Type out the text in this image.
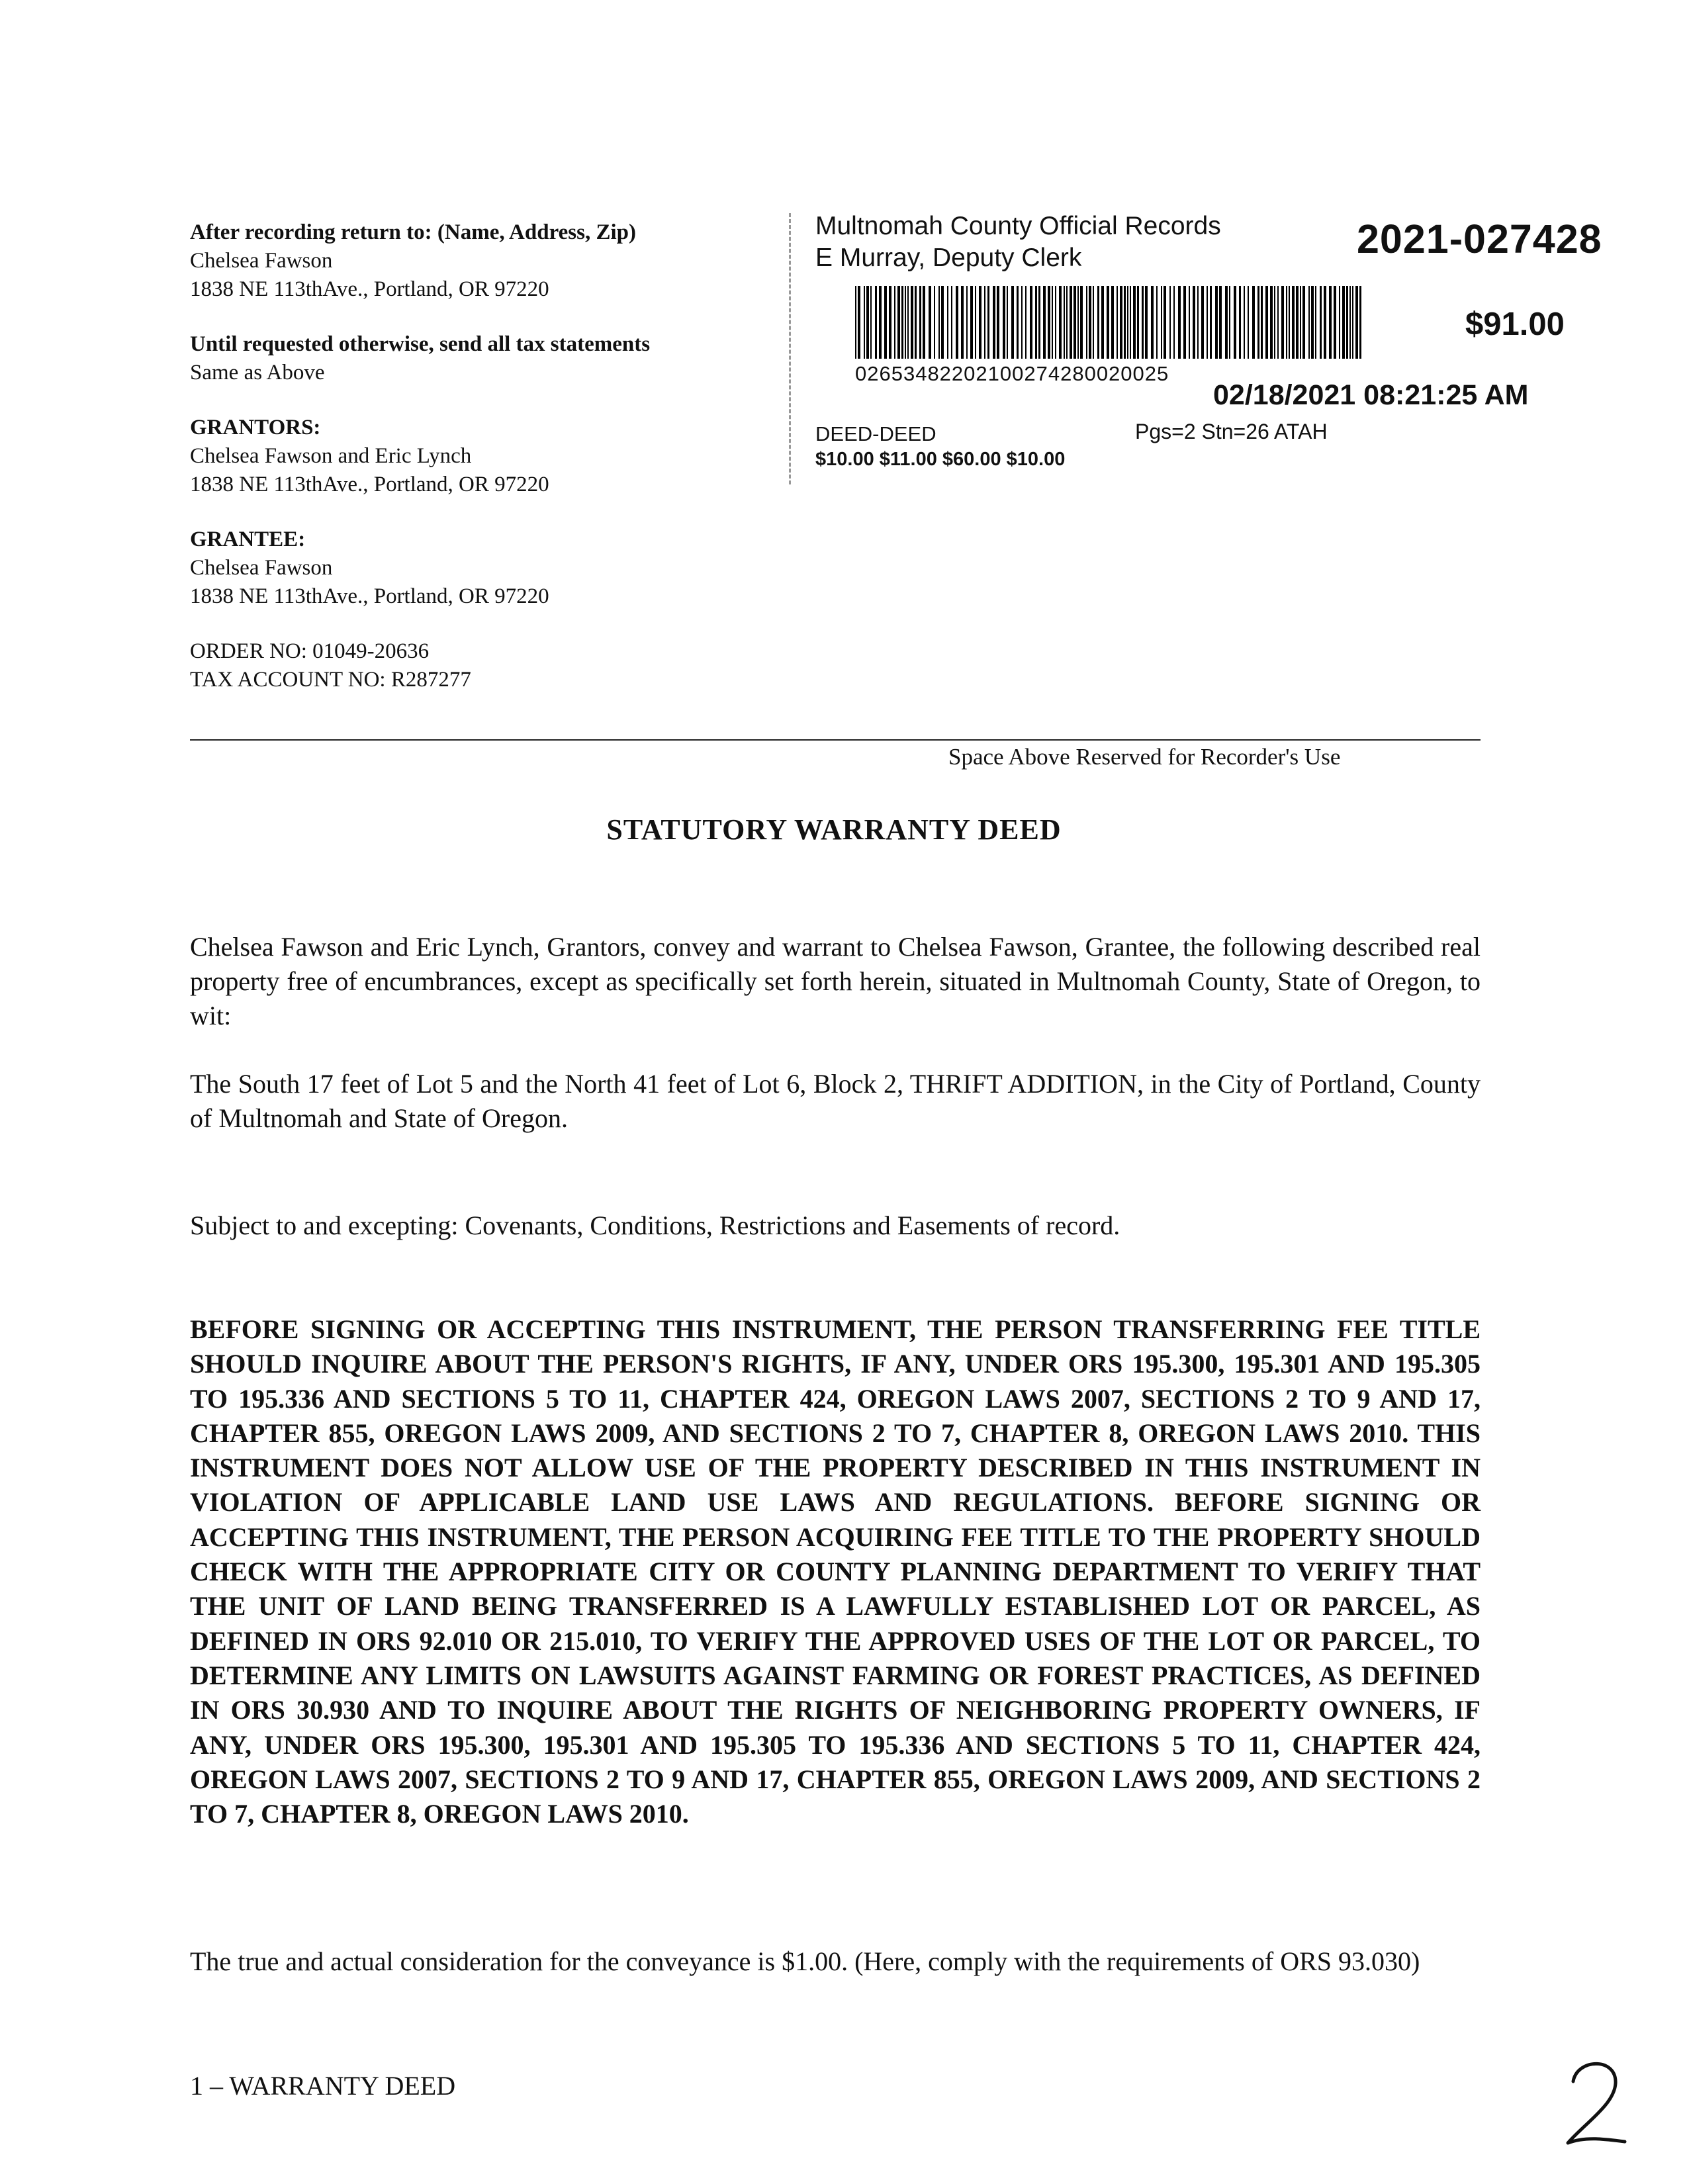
After recording return to: (Name, Address, Zip)
Chelsea Fawson
1838 NE 113thAve., Portland, OR 97220
Until requested otherwise, send all tax statements
Same as Above
GRANTORS:
Chelsea Fawson and Eric Lynch
1838 NE 113thAve., Portland, OR 97220
GRANTEE:
Chelsea Fawson
1838 NE 113thAve., Portland, OR 97220
ORDER NO: 01049-20636
TAX ACCOUNT NO: R287277
Multnomah County Official Records
E Murray, Deputy Clerk	2021-027428
$91.00
02653482202100274280020025
02/18/2021 08:21:25 AM
DEED-DEED	Pgs=2 Stn=26 ATAH
$10.00 $11.00 $60.00 $10.00
Space Above Reserved for Recorder's Use
STATUTORY WARRANTY DEED
Chelsea Fawson and Eric Lynch, Grantors, convey and warrant to Chelsea Fawson, Grantee, the following described real property free of encumbrances, except as specifically set forth herein, situated in Multnomah County, State of Oregon, to wit:
The South 17 feet of Lot 5 and the North 41 feet of Lot 6, Block 2, THRIFT ADDITION, in the City of Portland, County of Multnomah and State of Oregon.
Subject to and excepting: Covenants, Conditions, Restrictions and Easements of record.
BEFORE SIGNING OR ACCEPTING THIS INSTRUMENT, THE PERSON TRANSFERRING FEE TITLE SHOULD INQUIRE ABOUT THE PERSON'S RIGHTS, IF ANY, UNDER ORS 195.300, 195.301 AND 195.305 TO 195.336 AND SECTIONS 5 TO 11, CHAPTER 424, OREGON LAWS 2007, SECTIONS 2 TO 9 AND 17, CHAPTER 855, OREGON LAWS 2009, AND SECTIONS 2 TO 7, CHAPTER 8, OREGON LAWS 2010. THIS INSTRUMENT DOES NOT ALLOW USE OF THE PROPERTY DESCRIBED IN THIS INSTRUMENT IN VIOLATION OF APPLICABLE LAND USE LAWS AND REGULATIONS. BEFORE SIGNING OR ACCEPTING THIS INSTRUMENT, THE PERSON ACQUIRING FEE TITLE TO THE PROPERTY SHOULD CHECK WITH THE APPROPRIATE CITY OR COUNTY PLANNING DEPARTMENT TO VERIFY THAT THE UNIT OF LAND BEING TRANSFERRED IS A LAWFULLY ESTABLISHED LOT OR PARCEL, AS DEFINED IN ORS 92.010 OR 215.010, TO VERIFY THE APPROVED USES OF THE LOT OR PARCEL, TO DETERMINE ANY LIMITS ON LAWSUITS AGAINST FARMING OR FOREST PRACTICES, AS DEFINED IN ORS 30.930 AND TO INQUIRE ABOUT THE RIGHTS OF NEIGHBORING PROPERTY OWNERS, IF ANY, UNDER ORS 195.300, 195.301 AND 195.305 TO 195.336 AND SECTIONS 5 TO 11, CHAPTER 424, OREGON LAWS 2007, SECTIONS 2 TO 9 AND 17, CHAPTER 855, OREGON LAWS 2009, AND SECTIONS 2 TO 7, CHAPTER 8, OREGON LAWS 2010.
The true and actual consideration for the conveyance is $1.00. (Here, comply with the requirements of ORS 93.030)
1 – WARRANTY DEED
